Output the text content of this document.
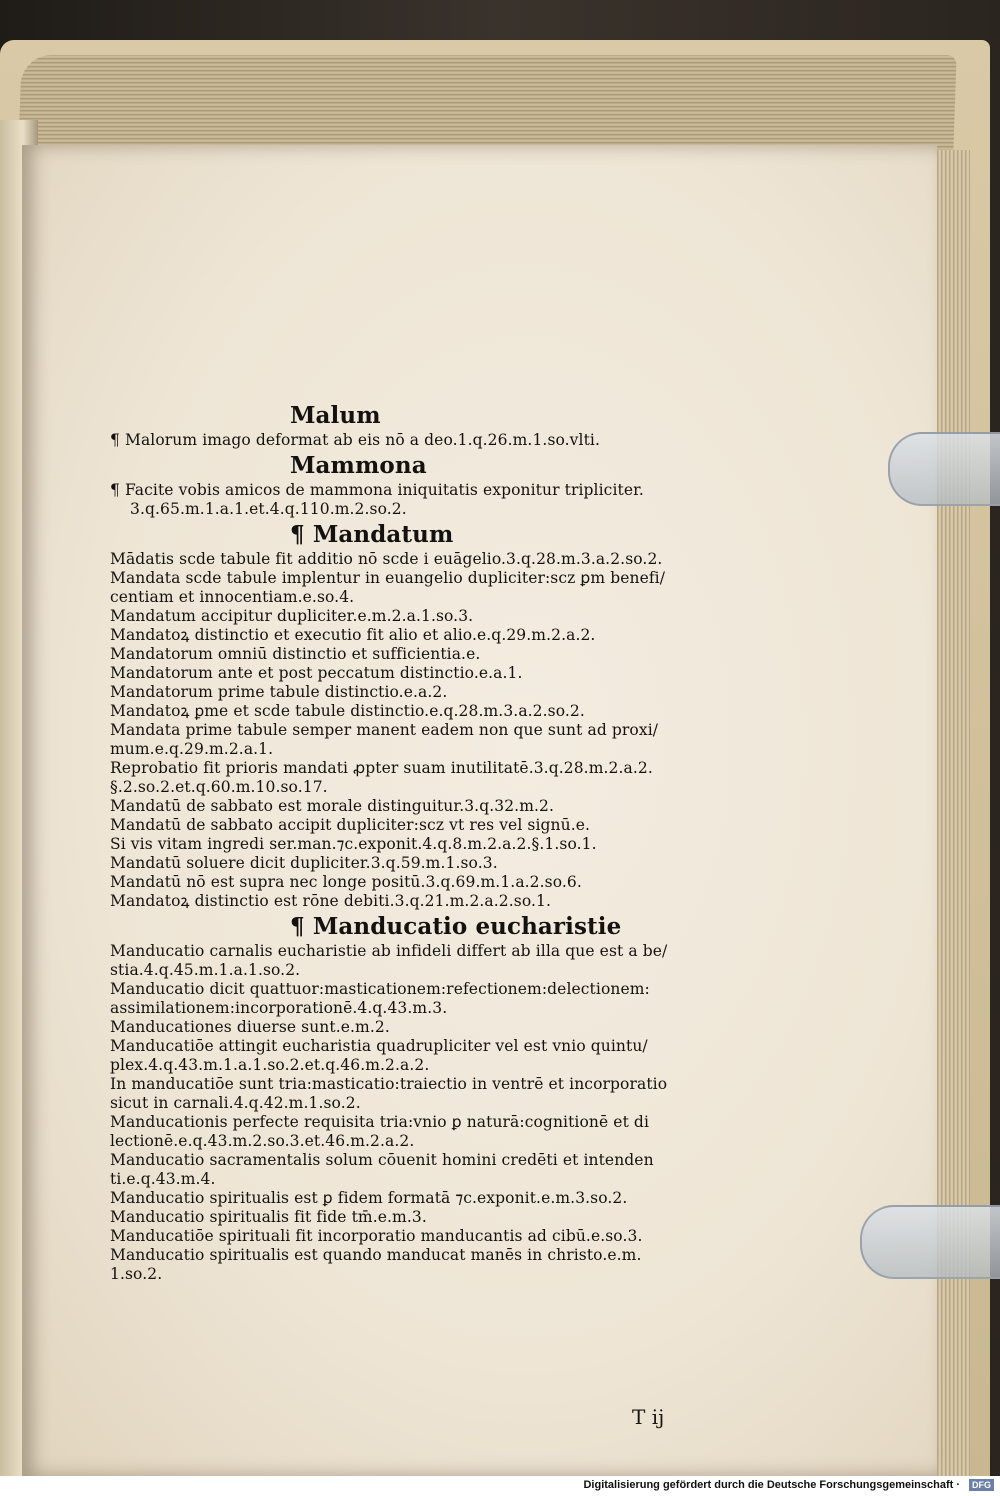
Malum
¶ Malorum imago deformat ab eis nō a deo.1.q.26.m.1.so.vlti.
Mammona
¶ Facite vobis amicos de mammona iniquitatis exponitur tripliciter.
3.q.65.m.1.a.1.et.4.q.110.m.2.so.2.
¶ Mandatum
Mādatis scde tabule fit additio nō scde i euāgelio.3.q.28.m.3.a.2.so.2.
Mandata scde tabule implentur in euangelio dupliciter:scz ꝑm benefi/
centiam et innocentiam.e.so.4.
Mandatum accipitur dupliciter.e.m.2.a.1.so.3.
Mandatoꝝ distinctio et executio fit alio et alio.e.q.29.m.2.a.2.
Mandatorum omniū distinctio et sufficientia.e.
Mandatorum ante et post peccatum distinctio.e.a.1.
Mandatorum prime tabule distinctio.e.a.2.
Mandatoꝝ ꝑme et scde tabule distinctio.e.q.28.m.3.a.2.so.2.
Mandata prime tabule semper manent eadem non que sunt ad proxi/
mum.e.q.29.m.2.a.1.
Reprobatio fit prioris mandati ꝓpter suam inutilitatē.3.q.28.m.2.a.2.
§.2.so.2.et.q.60.m.10.so.17.
Mandatū de sabbato est morale distinguitur.3.q.32.m.2.
Mandatū de sabbato accipit dupliciter:scz vt res vel signū.e.
Si vis vitam ingredi ser.man.⁊c.exponit.4.q.8.m.2.a.2.§.1.so.1.
Mandatū soluere dicit dupliciter.3.q.59.m.1.so.3.
Mandatū nō est supra nec longe positū.3.q.69.m.1.a.2.so.6.
Mandatoꝝ distinctio est rōne debiti.3.q.21.m.2.a.2.so.1.
¶ Manducatio eucharistie
Manducatio carnalis eucharistie ab infideli differt ab illa que est a be/
stia.4.q.45.m.1.a.1.so.2.
Manducatio dicit quattuor:masticationem:refectionem:delectionem:
assimilationem:incorporationē.4.q.43.m.3.
Manducationes diuerse sunt.e.m.2.
Manducatiōe attingit eucharistia quadrupliciter vel est vnio quintu/
plex.4.q.43.m.1.a.1.so.2.et.q.46.m.2.a.2.
In manducatiōe sunt tria:masticatio:traiectio in ventrē et incorporatio
sicut in carnali.4.q.42.m.1.so.2.
Manducationis perfecte requisita tria:vnio ꝑ naturā:cognitionē et di
lectionē.e.q.43.m.2.so.3.et.46.m.2.a.2.
Manducatio sacramentalis solum cōuenit homini credēti et intenden
ti.e.q.43.m.4.
Manducatio spiritualis est ꝑ fidem formatā ⁊c.exponit.e.m.3.so.2.
Manducatio spiritualis fit fide tm̄.e.m.3.
Manducatiōe spirituali fit incorporatio manducantis ad cibū.e.so.3.
Manducatio spiritualis est quando manducat manēs in christo.e.m.
1.so.2.
T ij
Digitalisierung gefördert durch die Deutsche Forschungsgemeinschaft ·	DFG
